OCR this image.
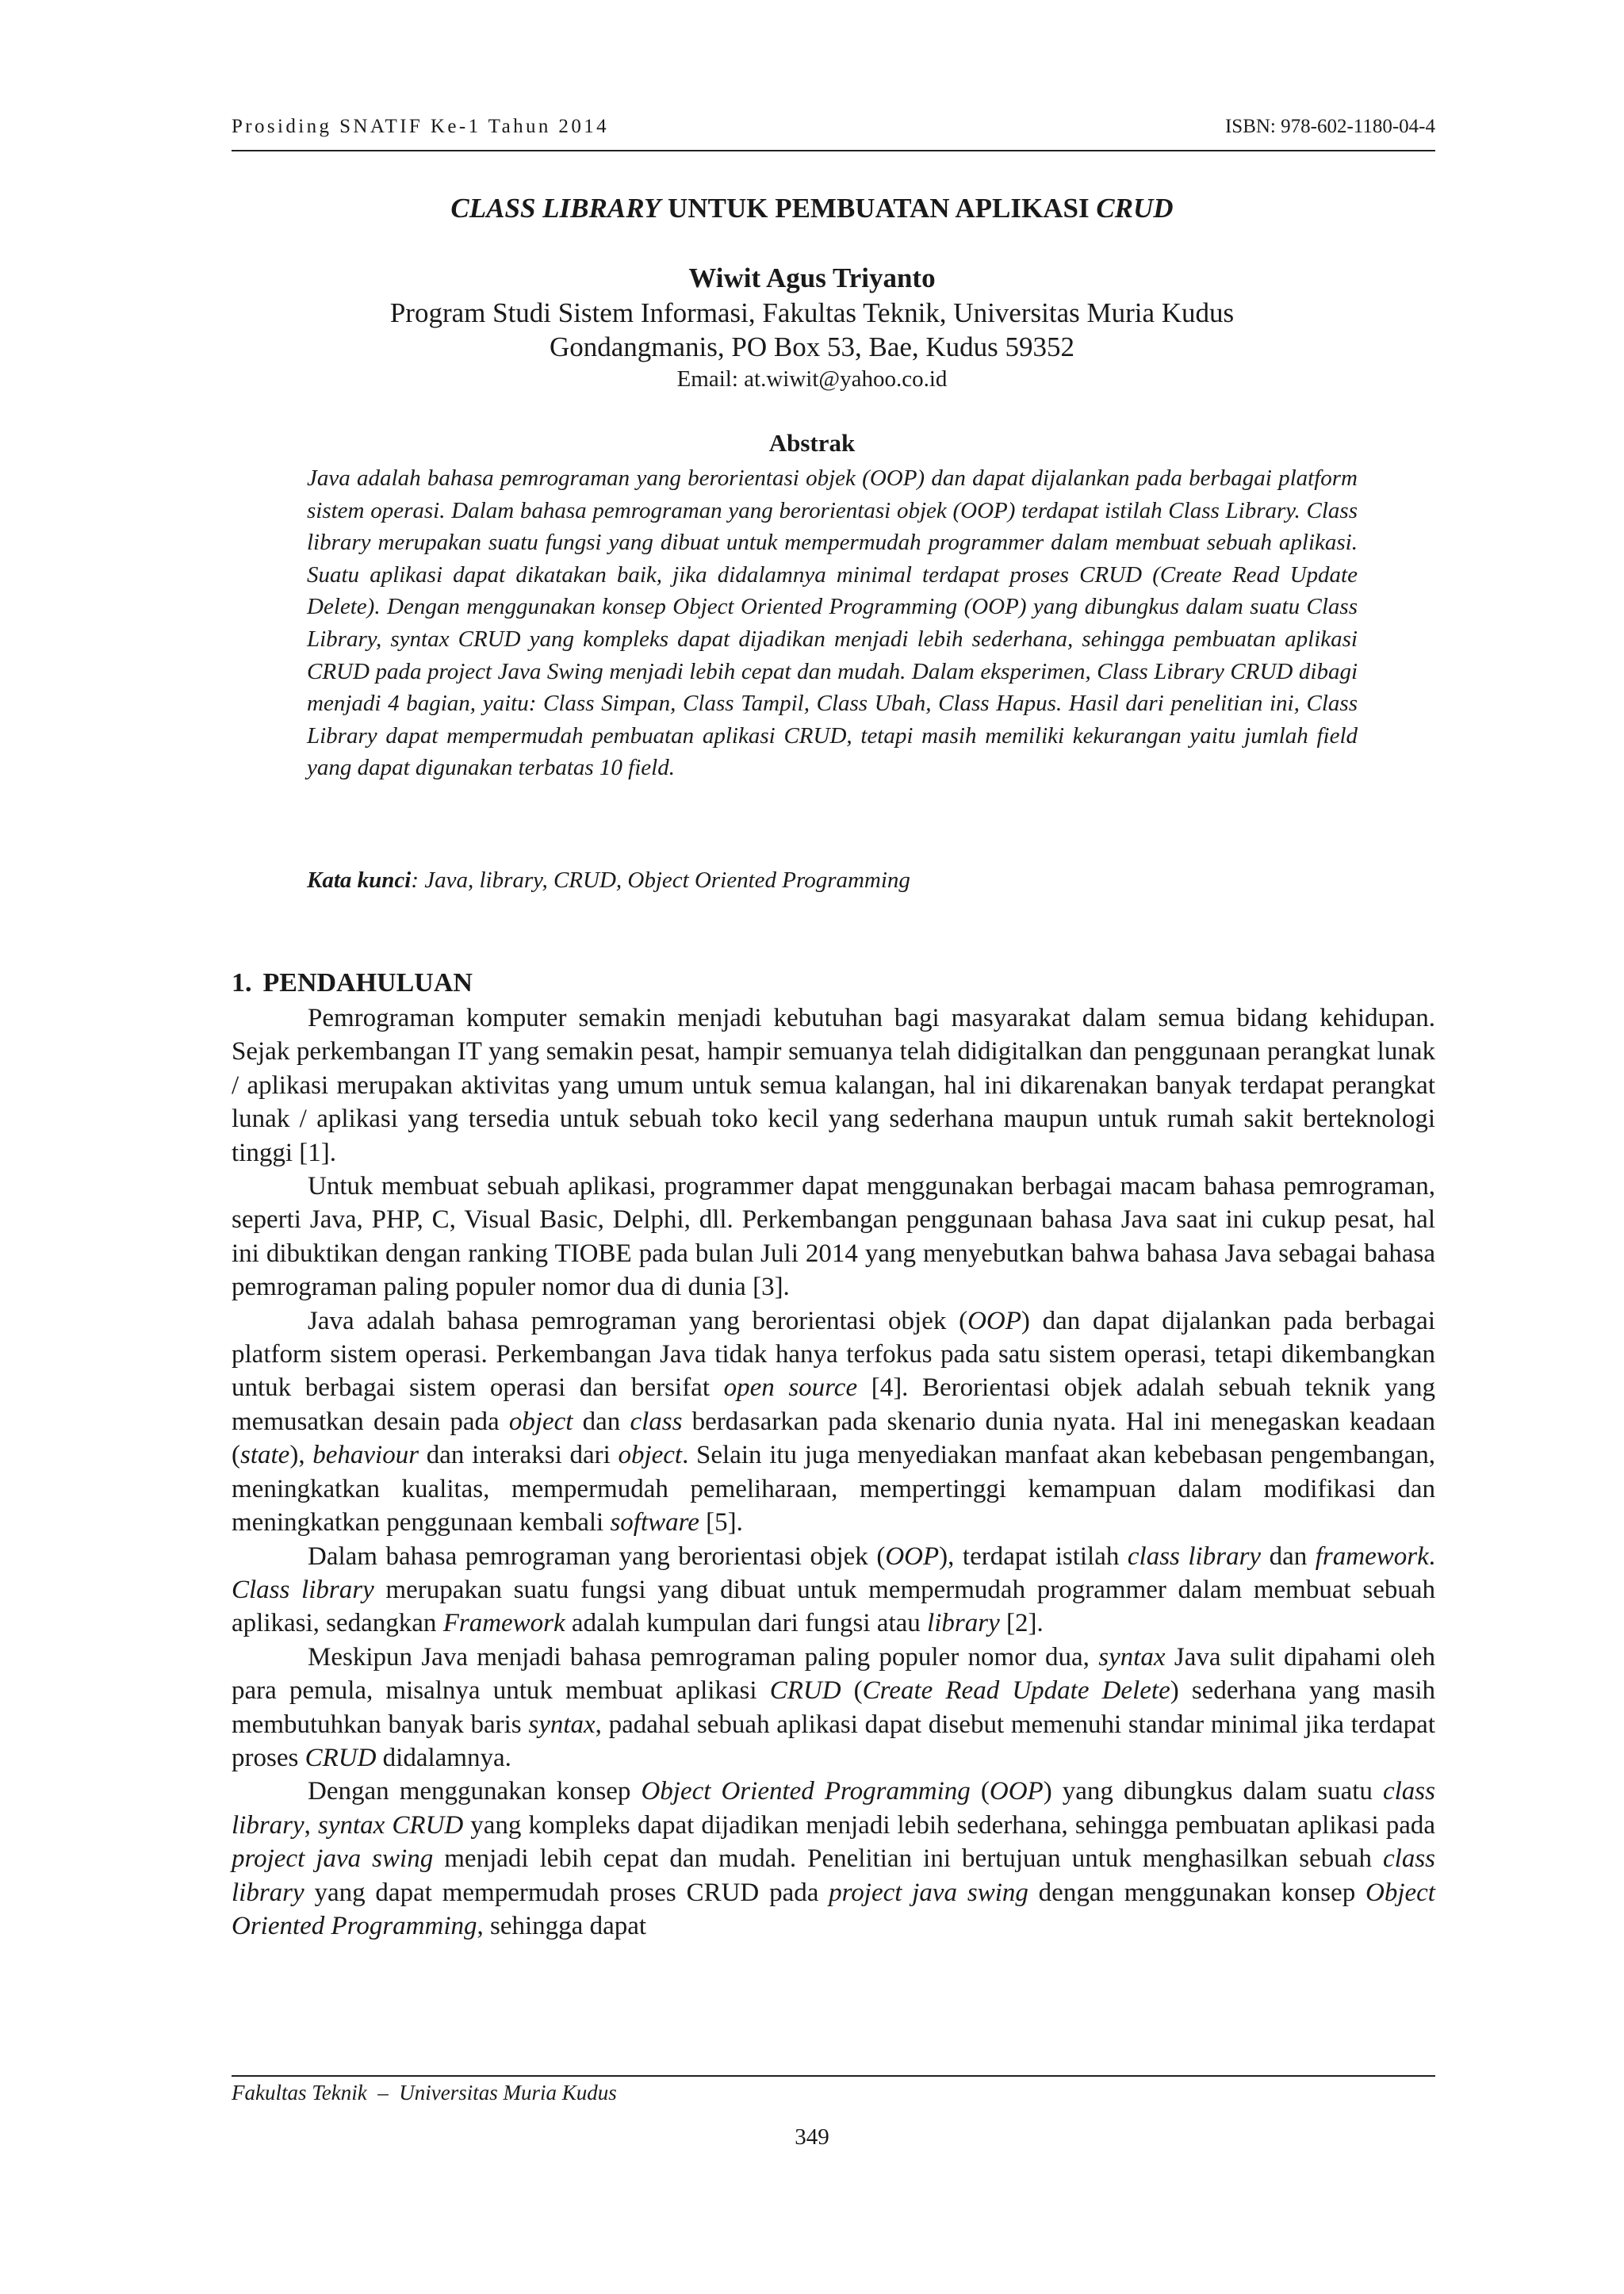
Prosiding SNATIF Ke-1 Tahun 2014	ISBN: 978-602-1180-04-4
CLASS LIBRARY UNTUK PEMBUATAN APLIKASI CRUD
Wiwit Agus Triyanto
Program Studi Sistem Informasi, Fakultas Teknik, Universitas Muria Kudus
Gondangmanis, PO Box 53, Bae, Kudus 59352
Email: at.wiwit@yahoo.co.id
Abstrak

Java adalah bahasa pemrograman yang berorientasi objek (OOP) dan dapat dijalankan pada berbagai platform sistem operasi. Dalam bahasa pemrograman yang berorientasi objek (OOP) terdapat istilah Class Library. Class library merupakan suatu fungsi yang dibuat untuk mempermudah programmer dalam membuat sebuah aplikasi. Suatu aplikasi dapat dikatakan baik, jika didalamnya minimal terdapat proses CRUD (Create Read Update Delete). Dengan menggunakan konsep Object Oriented Programming (OOP) yang dibungkus dalam suatu Class Library, syntax CRUD yang kompleks dapat dijadikan menjadi lebih sederhana, sehingga pembuatan aplikasi CRUD pada project Java Swing menjadi lebih cepat dan mudah. Dalam eksperimen, Class Library CRUD dibagi menjadi 4 bagian, yaitu: Class Simpan, Class Tampil, Class Ubah, Class Hapus. Hasil dari penelitian ini, Class Library dapat mempermudah pembuatan aplikasi CRUD, tetapi masih memiliki kekurangan yaitu jumlah field yang dapat digunakan terbatas 10 field.

Kata kunci: Java, library, CRUD, Object Oriented Programming
1. PENDAHULUAN

Pemrograman komputer semakin menjadi kebutuhan bagi masyarakat dalam semua bidang kehidupan. Sejak perkembangan IT yang semakin pesat, hampir semuanya telah didigitalkan dan penggunaan perangkat lunak / aplikasi merupakan aktivitas yang umum untuk semua kalangan, hal ini dikarenakan banyak terdapat perangkat lunak / aplikasi yang tersedia untuk sebuah toko kecil yang sederhana maupun untuk rumah sakit berteknologi tinggi [1].

Untuk membuat sebuah aplikasi, programmer dapat menggunakan berbagai macam bahasa pemrograman, seperti Java, PHP, C, Visual Basic, Delphi, dll. Perkembangan penggunaan bahasa Java saat ini cukup pesat, hal ini dibuktikan dengan ranking TIOBE pada bulan Juli 2014 yang menyebutkan bahwa bahasa Java sebagai bahasa pemrograman paling populer nomor dua di dunia [3].

Java adalah bahasa pemrograman yang berorientasi objek (OOP) dan dapat dijalankan pada berbagai platform sistem operasi. Perkembangan Java tidak hanya terfokus pada satu sistem operasi, tetapi dikembangkan untuk berbagai sistem operasi dan bersifat open source [4]. Berorientasi objek adalah sebuah teknik yang memusatkan desain pada object dan class berdasarkan pada skenario dunia nyata. Hal ini menegaskan keadaan (state), behaviour dan interaksi dari object. Selain itu juga menyediakan manfaat akan kebebasan pengembangan, meningkatkan kualitas, mempermudah pemeliharaan, mempertinggi kemampuan dalam modifikasi dan meningkatkan penggunaan kembali software [5].

Dalam bahasa pemrograman yang berorientasi objek (OOP), terdapat istilah class library dan framework. Class library merupakan suatu fungsi yang dibuat untuk mempermudah programmer dalam membuat sebuah aplikasi, sedangkan Framework adalah kumpulan dari fungsi atau library [2].

Meskipun Java menjadi bahasa pemrograman paling populer nomor dua, syntax Java sulit dipahami oleh para pemula, misalnya untuk membuat aplikasi CRUD (Create Read Update Delete) sederhana yang masih membutuhkan banyak baris syntax, padahal sebuah aplikasi dapat disebut memenuhi standar minimal jika terdapat proses CRUD didalamnya.

Dengan menggunakan konsep Object Oriented Programming (OOP) yang dibungkus dalam suatu class library, syntax CRUD yang kompleks dapat dijadikan menjadi lebih sederhana, sehingga pembuatan aplikasi pada project java swing menjadi lebih cepat dan mudah. Penelitian ini bertujuan untuk menghasilkan sebuah class library yang dapat mempermudah proses CRUD pada project java swing dengan menggunakan konsep Object Oriented Programming, sehingga dapat

Fakultas Teknik  –  Universitas Muria Kudus
349
